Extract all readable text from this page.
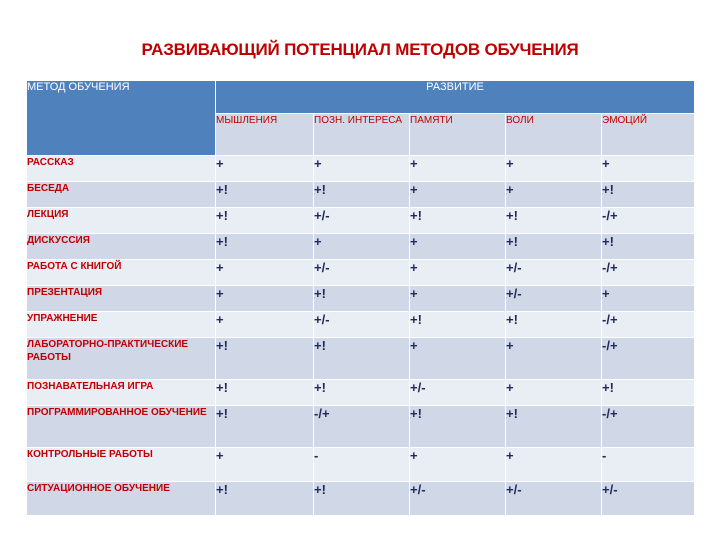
РАЗВИВАЮЩИЙ ПОТЕНЦИАЛ МЕТОДОВ ОБУЧЕНИЯ
МЕТОД ОБУЧЕНИЯ	РАЗВИТИЕ				
	МЫШЛЕНИЯ	ПОЗН. ИНТЕРЕСА	ПАМЯТИ	ВОЛИ	ЭМОЦИЙ
РАССКАЗ	+	+	+	+	+
БЕСЕДА	+!	+!	+	+	+!
ЛЕКЦИЯ	+!	+/-	+!	+!	-/+
ДИСКУССИЯ	+!	+	+	+!	+!
РАБОТА С КНИГОЙ	+	+/-	+	+/-	-/+
ПРЕЗЕНТАЦИЯ	+	+!	+	+/-	+
УПРАЖНЕНИЕ	+	+/-	+!	+!	-/+
ЛАБОРАТОРНО-ПРАКТИЧЕСКИЕ РАБОТЫ	+!	+!	+	+	-/+
ПОЗНАВАТЕЛЬНАЯ ИГРА	+!	+!	+/-	+	+!
ПРОГРАММИРОВАННОЕ ОБУЧЕНИЕ	+!	-/+	+!	+!	-/+
КОНТРОЛЬНЫЕ РАБОТЫ	+	-	+	+	-
СИТУАЦИОННОЕ ОБУЧЕНИЕ	+!	+!	+/-	+/-	+/-
